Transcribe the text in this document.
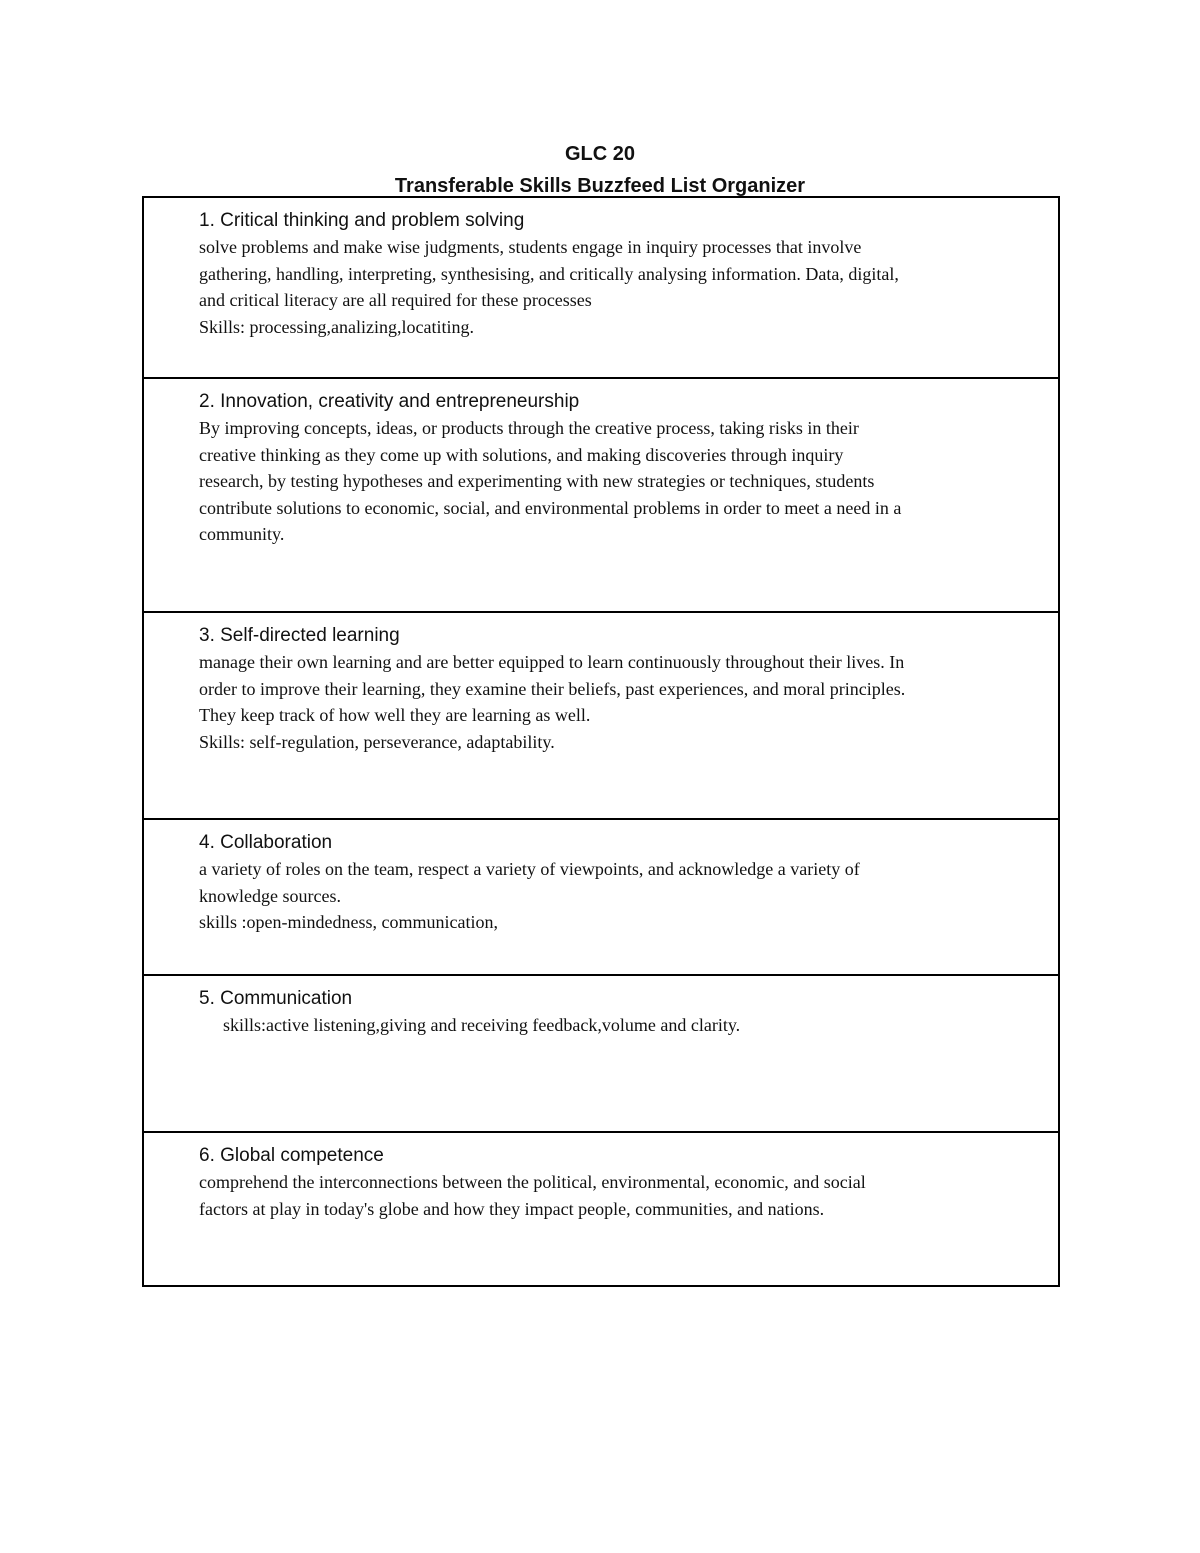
GLC 20
Transferable Skills Buzzfeed List Organizer
1. Critical thinking and problem solving
solve problems and make wise judgments, students engage in inquiry processes that involve
gathering, handling, interpreting, synthesising, and critically analysing information. Data, digital,
and critical literacy are all required for these processes
Skills: processing,analizing,locatiting.
2. Innovation, creativity and entrepreneurship
By improving concepts, ideas, or products through the creative process, taking risks in their
creative thinking as they come up with solutions, and making discoveries through inquiry
research, by testing hypotheses and experimenting with new strategies or techniques, students
contribute solutions to economic, social, and environmental problems in order to meet a need in a
community.
3. Self-directed learning
manage their own learning and are better equipped to learn continuously throughout their lives. In
order to improve their learning, they examine their beliefs, past experiences, and moral principles.
They keep track of how well they are learning as well.
Skills: self-regulation, perseverance, adaptability.
4. Collaboration
a variety of roles on the team, respect a variety of viewpoints, and acknowledge a variety of
knowledge sources.
skills :open-mindedness, communication,
5. Communication
skills:active listening,giving and receiving feedback,volume and clarity.
6. Global competence
comprehend the interconnections between the political, environmental, economic, and social
factors at play in today's globe and how they impact people, communities, and nations.
